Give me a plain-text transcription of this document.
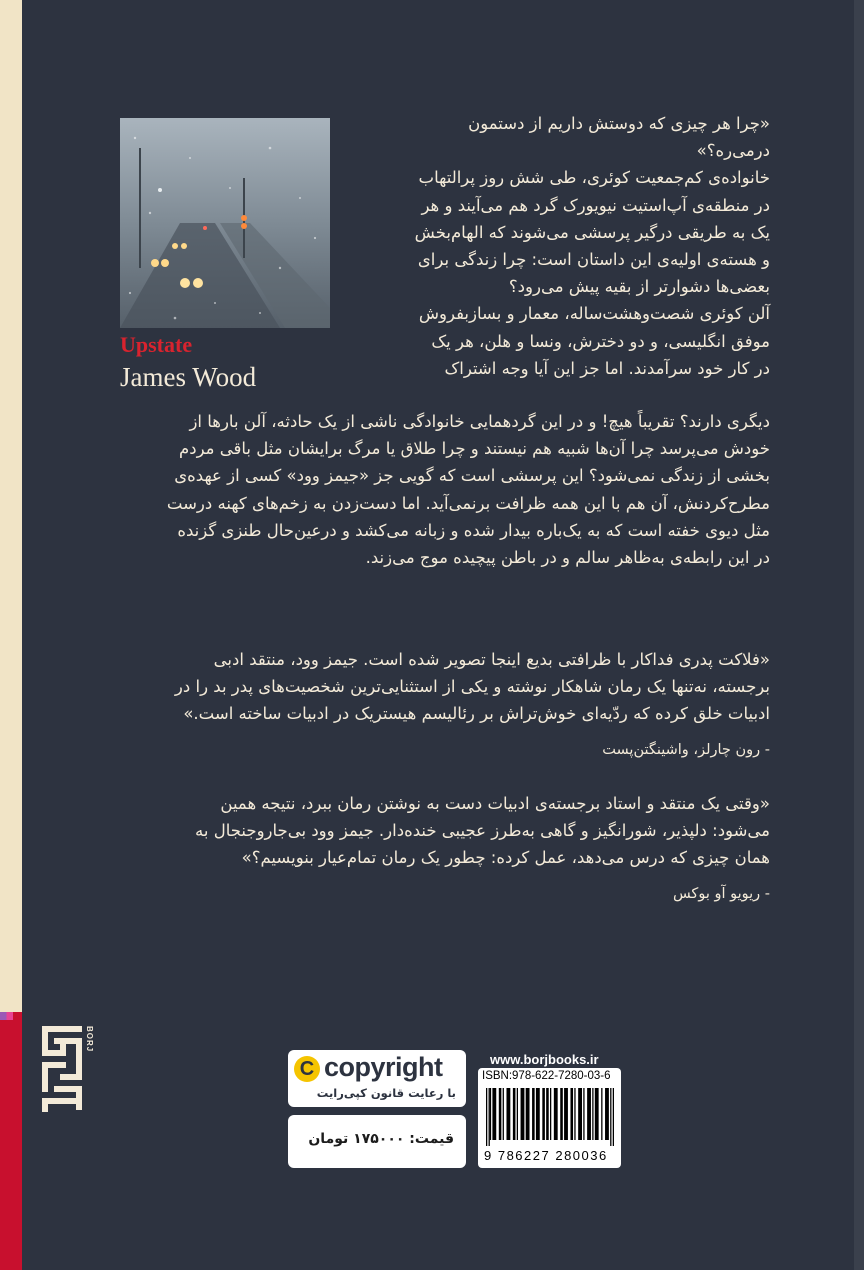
Upstate
James Wood
«چرا هر چیزی که دوستش داریم از دستمون
درمی‌ره؟»
خانواده‌ی کم‌جمعیت کوئری، طی شش روز پرالتهاب
در منطقه‌ی آپ‌استیت نیویورک گرد هم می‌آیند و هر
یک به طریقی درگیر پرسشی می‌شوند که الهام‌بخش
و هسته‌ی اولیه‌ی این داستان است: چرا زندگی برای
بعضی‌ها دشوارتر از بقیه پیش می‌رود؟
آلن کوئری شصت‌وهشت‌ساله، معمار و بساز‌بفروش
موفق انگلیسی، و دو دخترش، ونسا و هلن، هر یک
در کار خود سرآمدند. اما جز این آیا وجه اشتراک
دیگری دارند؟ تقریباً هیچ! و در این گردهمایی خانوادگی ناشی از یک حادثه، آلن بارها از
خودش می‌پرسد چرا آن‌ها شبیه هم نیستند و چرا طلاق یا مرگ برایشان مثل باقی مردم
بخشی از زندگی نمی‌شود؟ این پرسشی است که گویی جز «جیمز وود» کسی از عهده‌ی
مطرح‌کردنش، آن هم با این همه ظرافت برنمی‌آید. اما دست‌زدن به زخم‌های کهنه درست
مثل دیوی خفته است که به یک‌باره بیدار شده و زبانه می‌کشد و درعین‌حال طنزی گزنده
در این رابطه‌ی به‌ظاهر سالم و در باطن پیچیده موج می‌زند.
«فلاکت پدری فداکار با ظرافتی بدیع اینجا تصویر شده است. جیمز وود، منتقد ادبی
برجسته، نه‌تنها یک رمان شاهکار نوشته و یکی از استثنایی‌ترین شخصیت‌های پدر بد را در
ادبیات خلق کرده که ردّیه‌ای خوش‌تراش بر رئالیسم هیستریک در ادبیات ساخته است.»
- رون چارلز، واشینگتن‌پست
«وقتی یک منتقد و استاد برجسته‌ی ادبیات دست به نوشتن رمان ببرد، نتیجه همین
می‌شود: دلپذیر، شورانگیز و گاهی به‌طرز عجیبی خنده‌دار. جیمز وود بی‌جاروجنجال به
همان چیزی که درس می‌دهد، عمل کرده: چطور یک رمان تمام‌عیار بنویسیم؟»
- ریویو آو بوکس
BORJ
C copyright
با رعایت قانون کپی‌رایت
قیمت: ۱۷۵۰۰۰ تومان
www.borjbooks.ir
ISBN:978-622-7280-03-6
9 786227 280036
